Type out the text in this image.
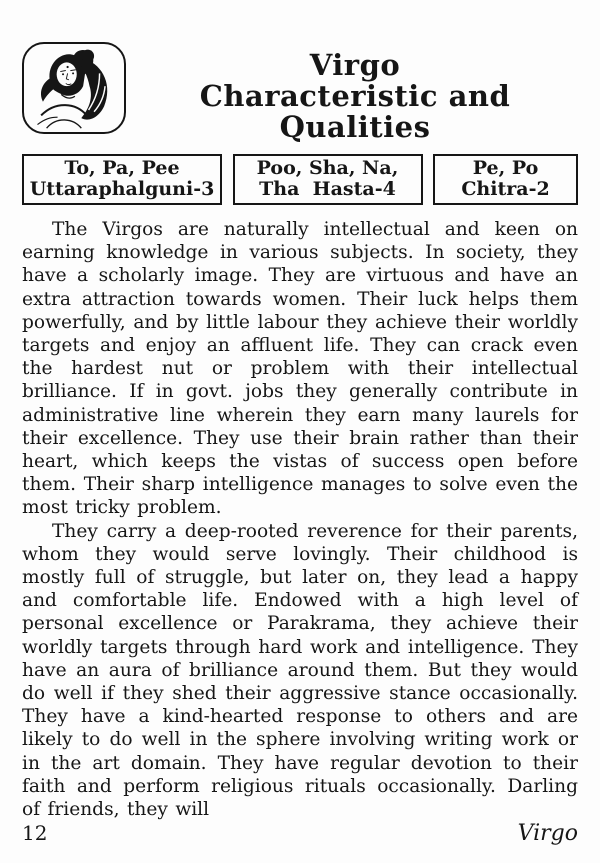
Virgo
Characteristic and Qualities
To, Pa, Pee
Uttaraphalguni-3
Poo, Sha, Na,
Tha  Hasta-4
Pe, Po
Chitra-2

The Virgos are naturally intellectual and keen on earning knowledge in various subjects. In society, they have a scholarly image. They are virtuous and have an extra attraction towards women. Their luck helps them powerfully, and by little labour they achieve their worldly targets and enjoy an affluent life. They can crack even the hardest nut or problem with their intellectual brilliance. If in govt. jobs they generally contribute in administrative line wherein they earn many laurels for their excellence. They use their brain rather than their heart, which keeps the vistas of success open before them. Their sharp intelligence manages to solve even the most tricky problem.

They carry a deep-rooted reverence for their parents, whom they would serve lovingly. Their childhood is mostly full of struggle, but later on, they lead a happy and comfortable life. Endowed with a high level of personal excellence or Parakrama, they achieve their worldly targets through hard work and intelligence. They have an aura of brilliance around them. But they would do well if they shed their aggressive stance occasionally. They have a kind-hearted response to others and are likely to do well in the sphere involving writing work or in the art domain. They have regular devotion to their faith and perform religious rituals occasionally. Darling of friends, they will

12	Virgo
